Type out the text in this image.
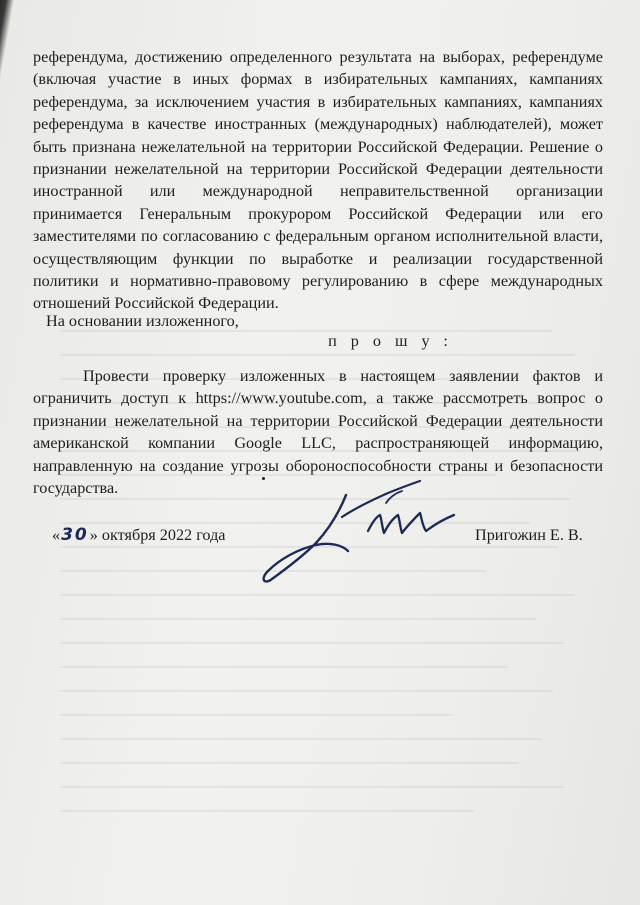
референдума, достижению определенного результата на выборах, референдуме (включая участие в иных формах в избирательных кампаниях, кампаниях референдума, за исключением участия в избирательных кампаниях, кампаниях референдума в качестве иностранных (международных) наблюдателей), может быть признана нежелательной на территории Российской Федерации. Решение о признании нежелательной на территории Российской Федерации деятельности иностранной или международной неправительственной организации принимается Генеральным прокурором Российской Федерации или его заместителями по согласованию с федеральным органом исполнительной власти, осуществляющим функции по выработке и реализации государственной политики и нормативно-правовому регулированию в сфере международных отношений Российской Федерации.

На основании изложенного,

прошу:

Провести проверку изложенных в настоящем заявлении фактов и ограничить доступ к https://www.youtube.com, а также рассмотреть вопрос о признании нежелательной на территории Российской Федерации деятельности американской компании Google LLC, распространяющей информацию, направленную на создание угрозы обороноспособности страны и безопасности государства.

«30» октября 2022 года	Пригожин Е. В.
